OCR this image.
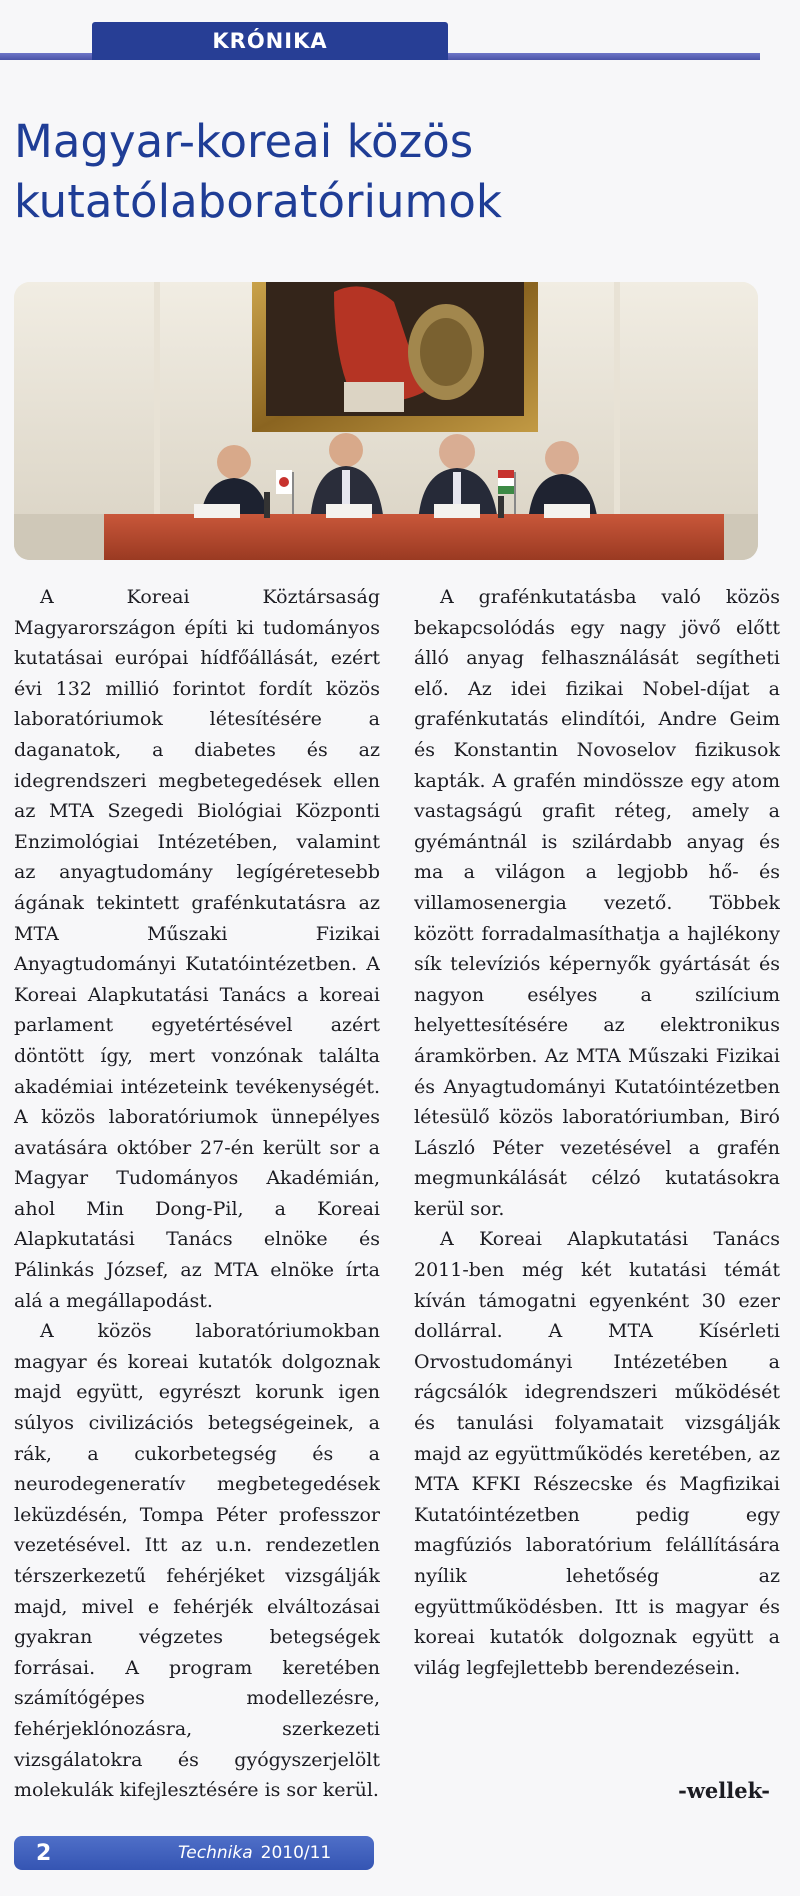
KRÓNIKA
Magyar-koreai közös kutatólaboratóriumok

A Koreai Köztársaság Magyarországon építi ki tudományos kutatásai európai hídfőállását, ezért évi 132 millió forintot fordít közös laboratóriumok létesítésére a daganatok, a diabetes és az idegrendszeri megbetegedések ellen az MTA Szegedi Biológiai Központi Enzimológiai Intézetében, valamint az anyagtudomány legígéretesebb ágának tekintett grafénkutatásra az MTA Műszaki Fizikai Anyagtudományi Kutatóintézetben. A Koreai Alapkutatási Tanács a koreai parlament egyetértésével azért döntött így, mert vonzónak találta akadémiai intézeteink tevékenységét. A közös laboratóriumok ünnepélyes avatására október 27-én került sor a Magyar Tudományos Akadémián, ahol Min Dong-Pil, a Koreai Alapkutatási Tanács elnöke és Pálinkás József, az MTA elnöke írta alá a megállapodást.

A közös laboratóriumokban magyar és koreai kutatók dolgoznak majd együtt, egyrészt korunk igen súlyos civilizációs betegségeinek, a rák, a cukorbetegség és a neurodegeneratív megbetegedések leküzdésén, Tompa Péter professzor vezetésével. Itt az u.n. rendezetlen térszerkezetű fehérjéket vizsgálják majd, mivel e fehérjék elváltozásai gyakran végzetes betegségek forrásai. A program keretében számítógépes modellezésre, fehérjeklónozásra, szerkezeti vizsgálatokra és gyógyszerjelölt molekulák kifejlesztésére is sor kerül.

A grafénkutatásba való közös bekapcsolódás egy nagy jövő előtt álló anyag felhasználását segítheti elő. Az idei fizikai Nobel-díjat a grafénkutatás elindítói, Andre Geim és Konstantin Novoselov fizikusok kapták. A grafén mindössze egy atom vastagságú grafit réteg, amely a gyémántnál is szilárdabb anyag és ma a világon a legjobb hő- és villamosenergia vezető. Többek között forradalmasíthatja a hajlékony sík televíziós képernyők gyártását és nagyon esélyes a szilícium helyettesítésére az elektronikus áramkörben. Az MTA Műszaki Fizikai és Anyagtudományi Kutatóintézetben létesülő közös laboratóriumban, Biró László Péter vezetésével a grafén megmunkálását célzó kutatásokra kerül sor.

A Koreai Alapkutatási Tanács 2011-ben még két kutatási témát kíván támogatni egyenként 30 ezer dollárral. A MTA Kísérleti Orvostudományi Intézetében a rágcsálók idegrendszeri működését és tanulási folyamatait vizsgálják majd az együttműködés keretében, az MTA KFKI Részecske és Magfizikai Kutatóintézetben pedig egy magfúziós laboratórium felállítására nyílik lehetőség az együttműködésben. Itt is magyar és koreai kutatók dolgoznak együtt a világ legfejlettebb berendezésein.

-wellek-
2	Technika 2010/11
